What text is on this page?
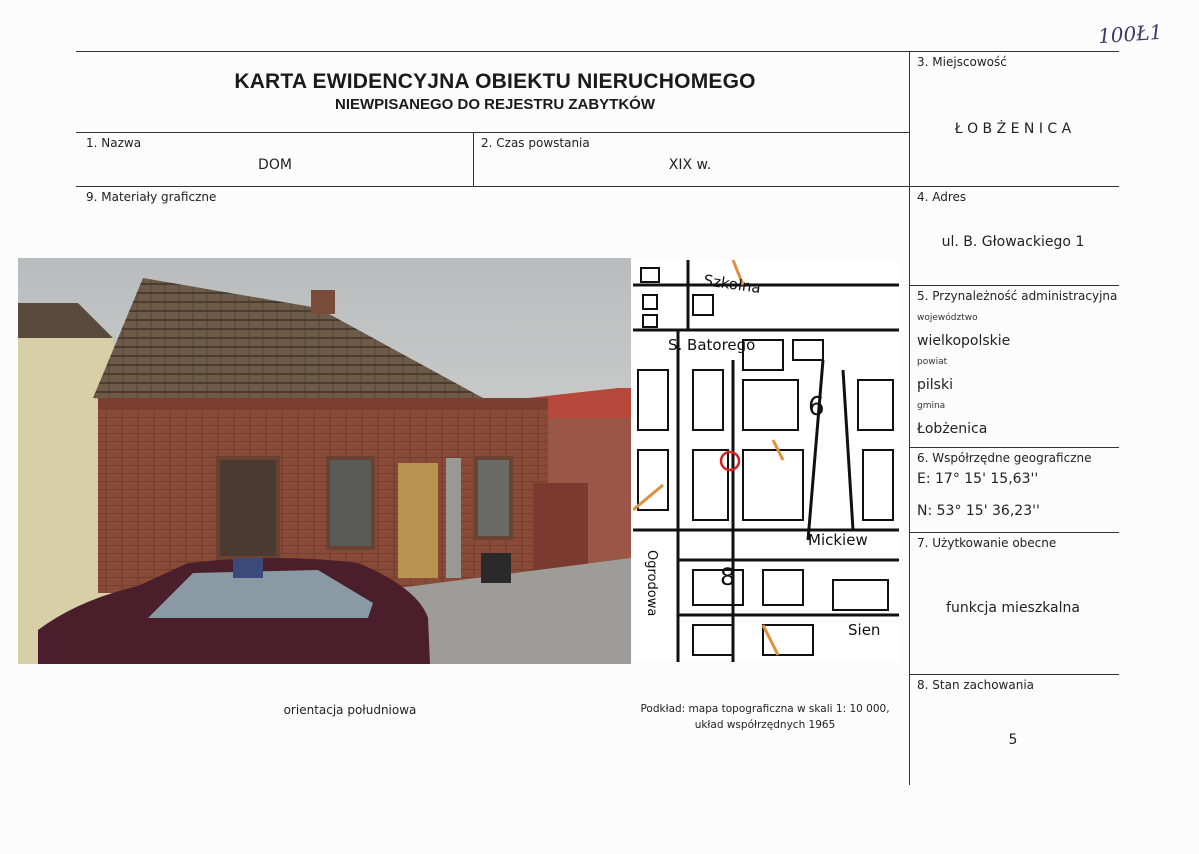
100Ł1
KARTA EWIDENCYJNA OBIEKTU NIERUCHOMEGO
NIEWPISANEGO DO REJESTRU ZABYTKÓW
1. Nazwa
DOM
2. Czas powstania
XIX w.
3. Miejscowość
Ł O B Ż E N I C A
9. Materiały graficzne	4. Adres
ul. B. Głowackiego 1
5. Przynależność administracyjna
województwo
wielkopolskie
powiat
pilski
gmina
Łobżenica
6. Współrzędne geograficzne
E: 17° 15' 15,63''
N: 53° 15' 36,23''
7. Użytkowanie obecne
funkcja mieszkalna
8. Stan zachowania
5
Szkolna
S. Batorego
Mickiew
Sien
Ogrodowa
6
8
orientacja południowa	Podkład: mapa topograficzna w skali 1: 10 000,
układ współrzędnych 1965
